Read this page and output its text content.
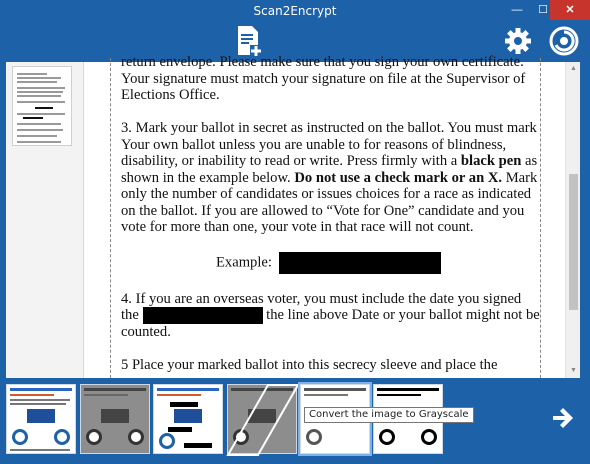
Scan2Encrypt	—	☐	✕

return envelope. Please make sure that you sign your own certificate. Your signature must match your signature on file at the Supervisor of Elections Office.

3. Mark your ballot in secret as instructed on the ballot. You must mark Your own ballot unless you are unable to for reasons of blindness, disability, or inability to read or write. Press firmly with a black pen as shown in the example below. Do not use a check mark or an X. Mark only the number of candidates or issues choices for a race as indicated on the ballot. If you are allowed to “Vote for One” candidate and you vote for more than one, your vote in that race will not count.

Example:

4. If you are an overseas voter, you must include the date you signed the	the line above Date or your ballot might not be counted.

5 Place your marked ballot into this secrecy sleeve and place the

▲
▼
Convert the image to Grayscale
